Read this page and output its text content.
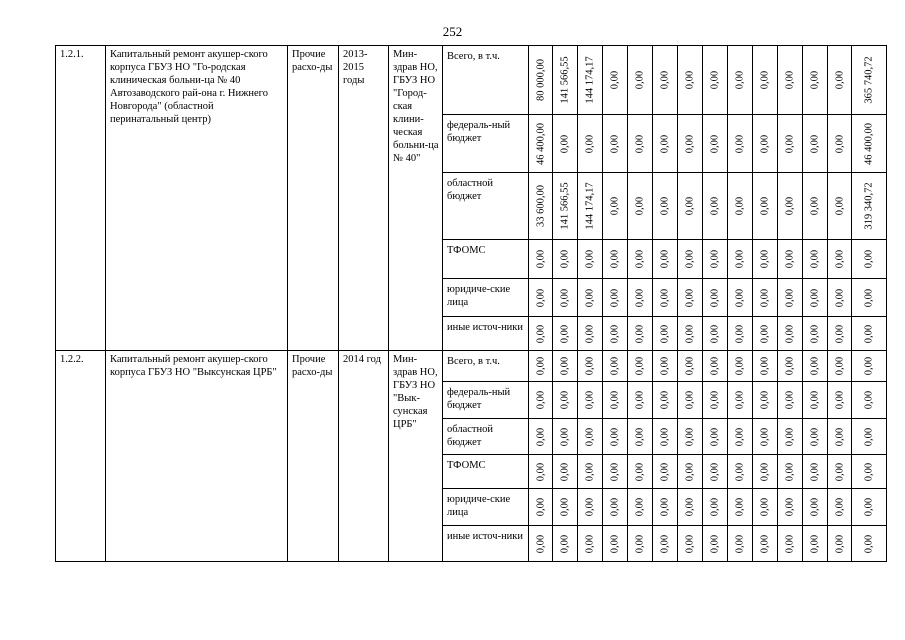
252
1.2.1.	Капитальный ремонт акушер-ского корпуса ГБУЗ НО "Го-родская клиническая больни-ца № 40 Автозаводского рай-она г. Нижнего Новгорода" (областной перинатальный центр)	Прочие расхо-ды	2013-2015 годы	Мин-здрав НО, ГБУЗ НО "Город-ская клини-ческая больни-ца № 40"	Всего, в т.ч.	80 000,00	141 566,55	144 174,17	0,00	0,00	0,00	0,00	0,00	0,00	0,00	0,00	0,00	0,00	365 740,72

					федераль-ный бюджет	46 400,00	0,00	0,00	0,00	0,00	0,00	0,00	0,00	0,00	0,00	0,00	0,00	0,00	46 400,00

					областной бюджет	33 600,00	141 566,55	144 174,17	0,00	0,00	0,00	0,00	0,00	0,00	0,00	0,00	0,00	0,00	319 340,72

					ТФОМС	0,00	0,00	0,00	0,00	0,00	0,00	0,00	0,00	0,00	0,00	0,00	0,00	0,00	0,00

					юридиче-ские лица	0,00	0,00	0,00	0,00	0,00	0,00	0,00	0,00	0,00	0,00	0,00	0,00	0,00	0,00

					иные источ-ники	0,00	0,00	0,00	0,00	0,00	0,00	0,00	0,00	0,00	0,00	0,00	0,00	0,00	0,00

1.2.2.	Капитальный ремонт акушер-ского корпуса ГБУЗ НО "Выксунская ЦРБ"	Прочие расхо-ды	2014 год	Мин-здрав НО, ГБУЗ НО "Вык-сунская ЦРБ"	Всего, в т.ч.	0,00	0,00	0,00	0,00	0,00	0,00	0,00	0,00	0,00	0,00	0,00	0,00	0,00	0,00

					федераль-ный бюджет	0,00	0,00	0,00	0,00	0,00	0,00	0,00	0,00	0,00	0,00	0,00	0,00	0,00	0,00

					областной бюджет	0,00	0,00	0,00	0,00	0,00	0,00	0,00	0,00	0,00	0,00	0,00	0,00	0,00	0,00

					ТФОМС	0,00	0,00	0,00	0,00	0,00	0,00	0,00	0,00	0,00	0,00	0,00	0,00	0,00	0,00

					юридиче-ские лица	0,00	0,00	0,00	0,00	0,00	0,00	0,00	0,00	0,00	0,00	0,00	0,00	0,00	0,00

					иные источ-ники	0,00	0,00	0,00	0,00	0,00	0,00	0,00	0,00	0,00	0,00	0,00	0,00	0,00	0,00
